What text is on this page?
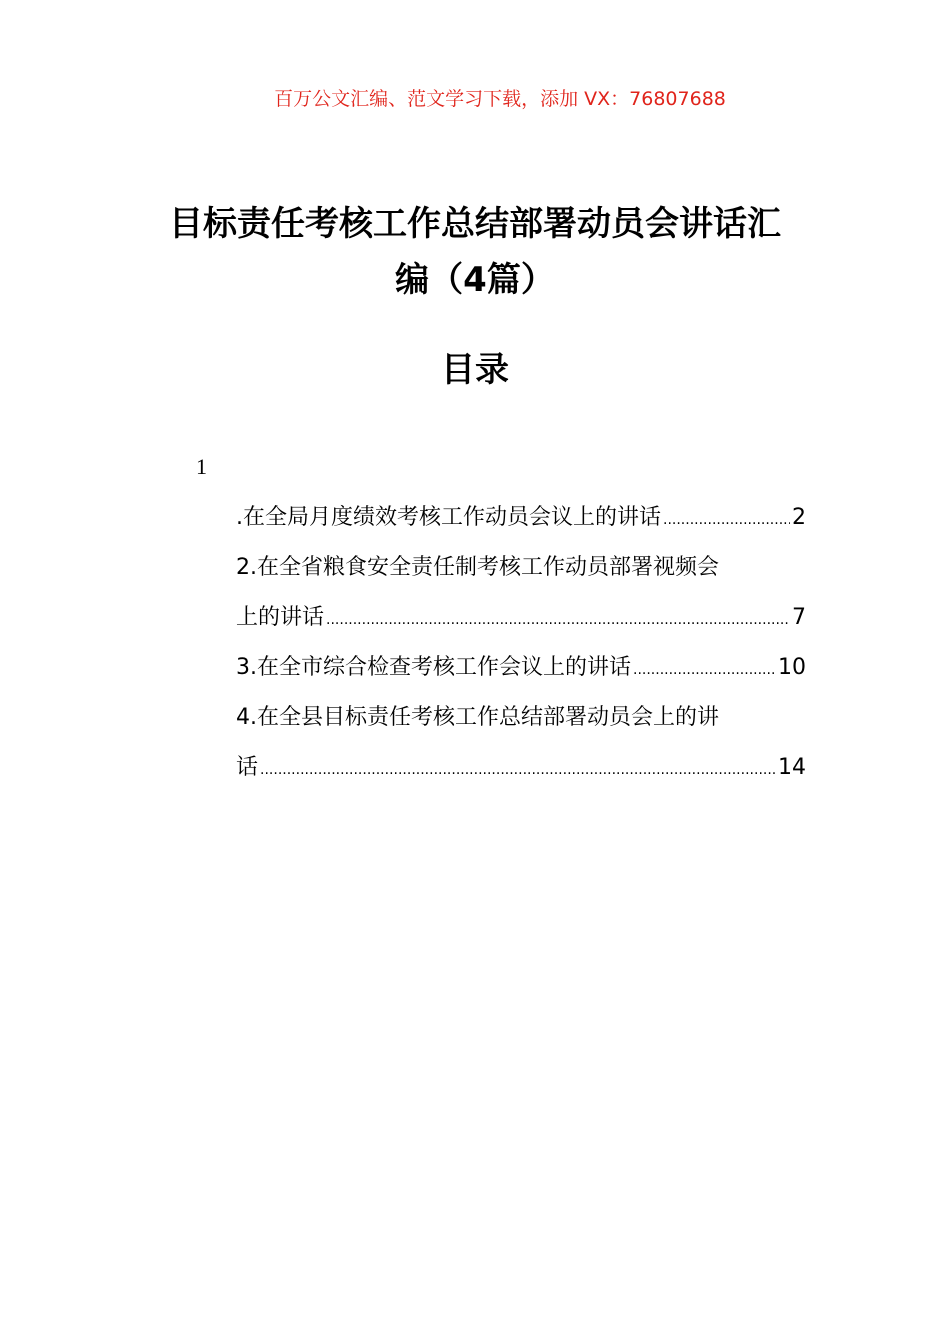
百万公文汇编、范文学习下载，添加 VX：76807688
目标责任考核工作总结部署动员会讲话汇
编（4篇）
目录
1
.在全局月度绩效考核工作动员会议上的讲话 .....	2
2.在全省粮食安全责任制考核工作动员部署视频会
上的讲话 .....	7
3.在全市综合检查考核工作会议上的讲话 .....	10
4.在全县目标责任考核工作总结部署动员会上的讲
话 .....	14
